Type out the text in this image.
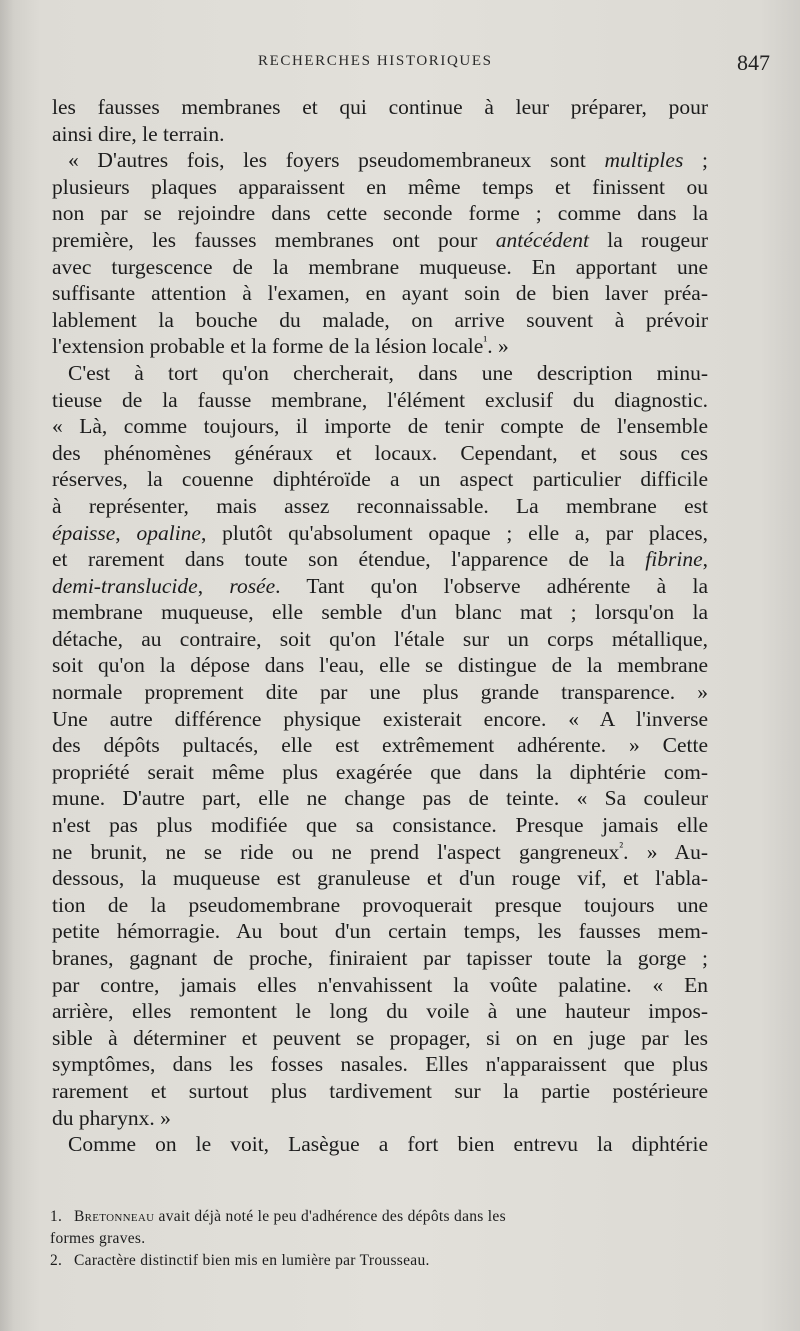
RECHERCHES HISTORIQUES	847
les fausses membranes et qui continue à leur préparer, pour
ainsi dire, le terrain.
« D'autres fois, les foyers pseudomembraneux sont multiples ;
plusieurs plaques apparaissent en même temps et finissent ou
non par se rejoindre dans cette seconde forme ; comme dans la
première, les fausses membranes ont pour antécédent la rougeur
avec turgescence de la membrane muqueuse. En apportant une
suffisante attention à l'examen, en ayant soin de bien laver préa-
lablement la bouche du malade, on arrive souvent à prévoir
l'extension probable et la forme de la lésion locale$^{^1}$. »
C'est à tort qu'on chercherait, dans une description minu-
tieuse de la fausse membrane, l'élément exclusif du diagnostic.
« Là, comme toujours, il importe de tenir compte de l'ensemble
des phénomènes généraux et locaux. Cependant, et sous ces
réserves, la couenne diphtéroïde a un aspect particulier difficile
à représenter, mais assez reconnaissable. La membrane est
épaisse, opaline, plutôt qu'absolument opaque ; elle a, par places,
et rarement dans toute son étendue, l'apparence de la fibrine,
demi-translucide, rosée. Tant qu'on l'observe adhérente à la
membrane muqueuse, elle semble d'un blanc mat ; lorsqu'on la
détache, au contraire, soit qu'on l'étale sur un corps métallique,
soit qu'on la dépose dans l'eau, elle se distingue de la membrane
normale proprement dite par une plus grande transparence. »
Une autre différence physique existerait encore. « A l'inverse
des dépôts pultacés, elle est extrêmement adhérente. » Cette
propriété serait même plus exagérée que dans la diphtérie com-
mune. D'autre part, elle ne change pas de teinte. « Sa couleur
n'est pas plus modifiée que sa consistance. Presque jamais elle
ne brunit, ne se ride ou ne prend l'aspect gangreneux$^{^2}$. » Au-
dessous, la muqueuse est granuleuse et d'un rouge vif, et l'abla-
tion de la pseudomembrane provoquerait presque toujours une
petite hémorragie. Au bout d'un certain temps, les fausses mem-
branes, gagnant de proche, finiraient par tapisser toute la gorge ;
par contre, jamais elles n'envahissent la voûte palatine. « En
arrière, elles remontent le long du voile à une hauteur impos-
sible à déterminer et peuvent se propager, si on en juge par les
symptômes, dans les fosses nasales. Elles n'apparaissent que plus
rarement et surtout plus tardivement sur la partie postérieure
du pharynx. »
Comme on le voit, Lasègue a fort bien entrevu la diphtérie
1. Bretonneau avait déjà noté le peu d'adhérence des dépôts dans les
formes graves.
2. Caractère distinctif bien mis en lumière par Trousseau.
